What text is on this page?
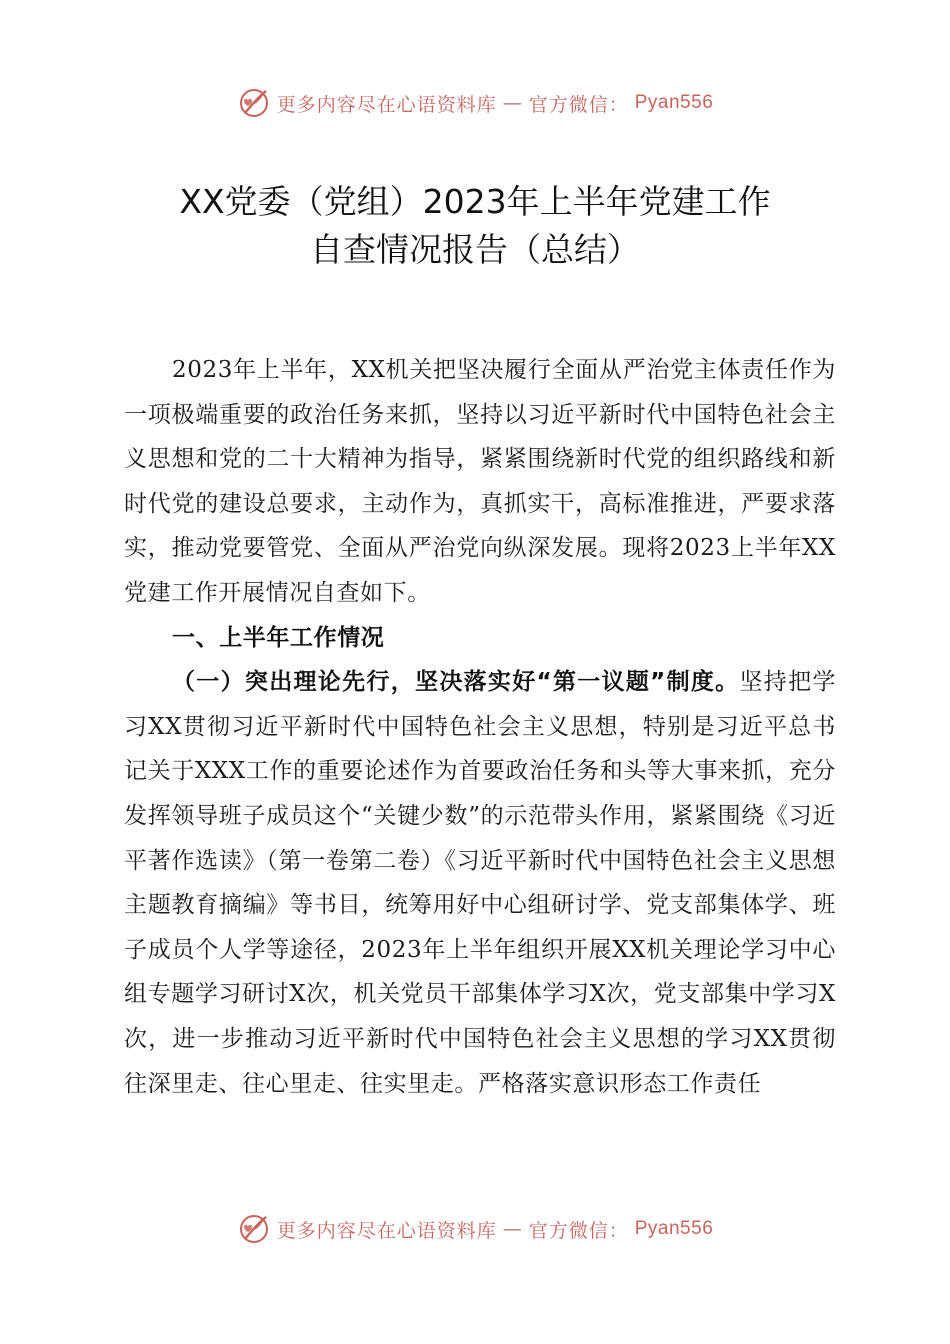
更多内容尽在心语资料库 — 官方微信： Pyan556
XX党委（党组）2023年上半年党建工作
自查情况报告（总结）

2023年上半年，XX机关把坚决履行全面从严治党主体责任作为一项极端重要的政治任务来抓，坚持以习近平新时代中国特色社会主义思想和党的二十大精神为指导，紧紧围绕新时代党的组织路线和新时代党的建设总要求，主动作为，真抓实干，高标准推进，严要求落实，推动党要管党、全面从严治党向纵深发展。现将2023上半年XX党建工作开展情况自查如下。

一、上半年工作情况

（一）突出理论先行，坚决落实好“第一议题”制度。坚持把学习XX贯彻习近平新时代中国特色社会主义思想，特别是习近平总书记关于XXX工作的重要论述作为首要政治任务和头等大事来抓，充分发挥领导班子成员这个“关键少数”的示范带头作用，紧紧围绕《习近平著作选读》（第一卷第二卷）《习近平新时代中国特色社会主义思想主题教育摘编》等书目，统筹用好中心组研讨学、党支部集体学、班子成员个人学等途径，2023年上半年组织开展XX机关理论学习中心组专题学习研讨X次，机关党员干部集体学习X次，党支部集中学习X次，进一步推动习近平新时代中国特色社会主义思想的学习XX贯彻往深里走、往心里走、往实里走。严格落实意识形态工作责任

更多内容尽在心语资料库 — 官方微信： Pyan556
